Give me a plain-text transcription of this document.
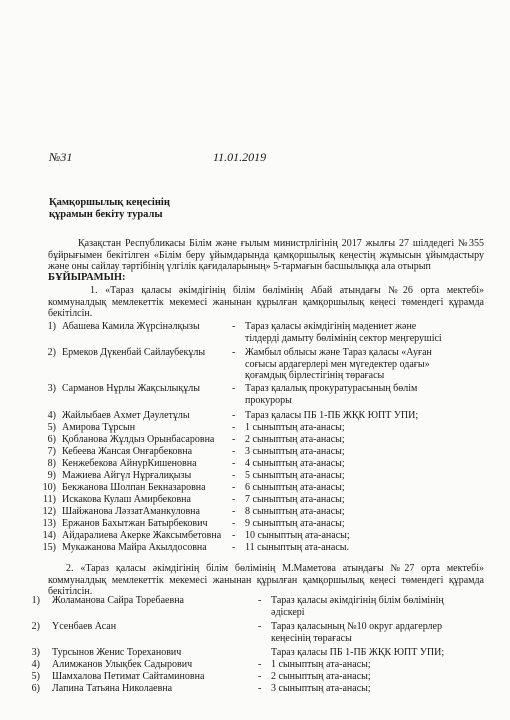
№31	11.01.2019
Қамқоршылық кеңесінің
құрамын бекіту туралы
Қазақстан Республикасы Білім және ғылым министрлігінің 2017 жылғы 27 шілдедегі №355 бұйрығымен бекітілген «Білім беру ұйымдарында қамқоршылық кеңестің жұмысын ұйымдастыру және оны сайлау тәртібінің үлгілік қағидаларының» 5-тармағын басшылыққа ала отырып
БҰЙЫРАМЫН:
1. «Тараз қаласы әкімдігінің білім бөлімінің Абай атындағы №26 орта мектебі» коммуналдық мемлекеттік мекемесі жанынан құрылған қамқоршылық кеңесі төмендегі құрамда бекітілсін.
1) Абашева Камила Жүрсінәлқызы	- Тараз қаласы әкімдігінің мәдениет және
тілдерді дамыту бөлімінің сектор меңгерушісі
2) Ермеков Дүкенбай Сайлаубекұлы	- Жамбыл облысы және Тараз қаласы «Ауған
соғысы ардагерлері мен мүгедектер одағы»
қоғамдық бірлестігінің төрағасы
3) Сарманов Нұрлы Жақсылықұлы	- Тараз қалалық прокуратурасының бөлім
прокуроры
4) Жайлыбаев Ахмет Дәулетұлы	- Тараз қаласы ПБ 1-ПБ ЖҚК ЮПТ УПИ;
5) Амирова Тұрсын	- 1 сыныптың ата-анасы;
6) Қобланова Жұлдыз Орынбасаровна - 2 сыныптың ата-анасы;
7) Кебеева Жансая Онғарбековна	- 3 сыныптың ата-анасы;
8) Кенжебекова АйнурКишеновна	- 4 сыныптың ата-анасы;
9) Мажиева Айгүл Нұрғалиқызы	- 5 сыныптың ата-анасы;
10) Бекжанова Шолпан Бекназаровна	- 6 сыныптың ата-анасы;
11) Искакова Кулаш Амирбековна	- 7 сыныптың ата-анасы;
12) Шайжанова ЛәззатАманкуловна	- 8 сыныптың ата-анасы;
13) Ержанов Бахытжан Батырбекович - 9 сыныптың ата-анасы;
14) Айдаралиева Акерке Жаксымбетовна - 10 сыныптың ата-анасы;
15) Мукажанова Майра Акылдосовна	- 11 сыныптың ата-анасы.
2. «Тараз қаласы әкімдігінің білім бөлімінің М.Маметова атындағы №27 орта мектебі» коммуналдық мемлекеттік мекемесі жанынан құрылған қамқоршылық кеңесі төмендегі құрамда бекітілсін.
1) Жоламанова Сайра Торебаевна	- Тараз қаласы әкімдігінің білім бөлімінің
әдіскері
2) Үсенбаев Асан	- Тараз қаласының №10 округ ардагерлер
кеңесінің төрағасы
3) Турсынов Женис Тореханович	Тараз қаласы ПБ 1-ПБ ЖҚК ЮПТ УПИ;
4) Алимжанов Улықбек Садырович	- 1 сыныптың ата-анасы;
5) Шамхалова Петимат Сайтаминовна	- 2 сыныптың ата-анасы;
6) Лапина Татьяна Николаевна	- 3 сыныптың ата-анасы;
